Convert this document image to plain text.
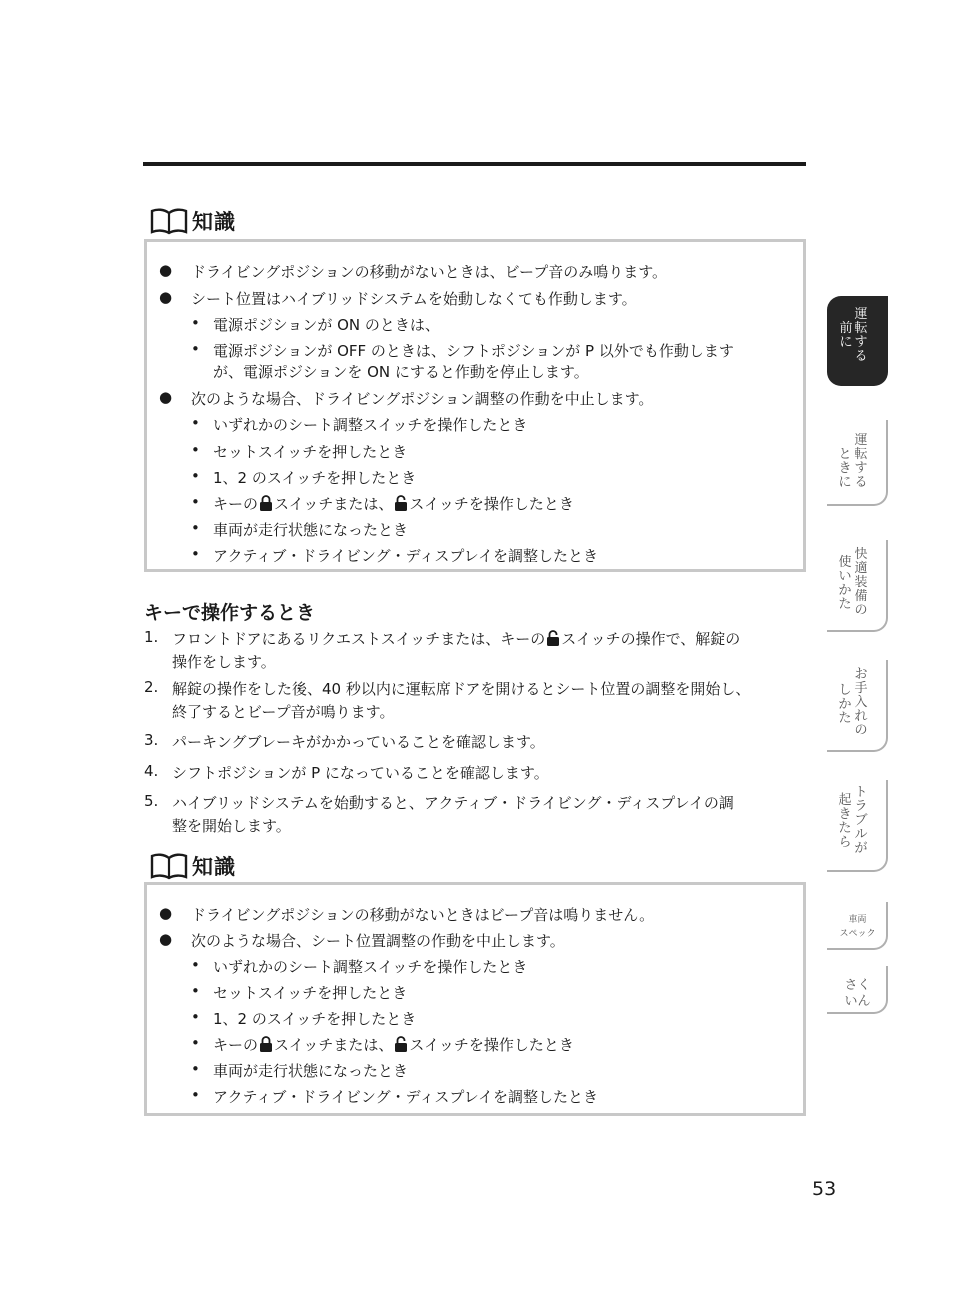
知識
● ドライビングポジションの移動がないときは、ビープ音のみ鳴ります。
● シート位置はハイブリッドシステムを始動しなくても作動します。
• 電源ポジションが ON のときは、
• 電源ポジションが OFF のときは、シフトポジションが P 以外でも作動します
が、電源ポジションを ON にすると作動を停止します。
● 次のような場合、ドライビングポジション調整の作動を中止します。
• いずれかのシート調整スイッチを操作したとき
• セットスイッチを押したとき
• 1、2 のスイッチを押したとき
• キーの スイッチまたは、 スイッチを操作したとき
• 車両が走行状態になったとき
• アクティブ・ドライビング・ディスプレイを調整したとき
キーで操作するとき
1. フロントドアにあるリクエストスイッチまたは、キーの スイッチの操作で、解錠の
操作をします。
2. 解錠の操作をした後、40 秒以内に運転席ドアを開けるとシート位置の調整を開始し、
終了するとビープ音が鳴ります。
3. パーキングブレーキがかかっていることを確認します。
4. シフトポジションが P になっていることを確認します。
5. ハイブリッドシステムを始動すると、アクティブ・ドライビング・ディスプレイの調
整を開始します。
知識
● ドライビングポジションの移動がないときはビープ音は鳴りません。
● 次のような場合、シート位置調整の作動を中止します。
• いずれかのシート調整スイッチを操作したとき
• セットスイッチを押したとき
• 1、2 のスイッチを押したとき
• キーの スイッチまたは、 スイッチを操作したとき
• 車両が走行状態になったとき
• アクティブ・ドライビング・ディスプレイを調整したとき
運転する
前に
運転する
ときに
快適装備の
使いかた
お手入れの
しかた
トラブルが
起きたら
車両
スペック
さく
いん
53
